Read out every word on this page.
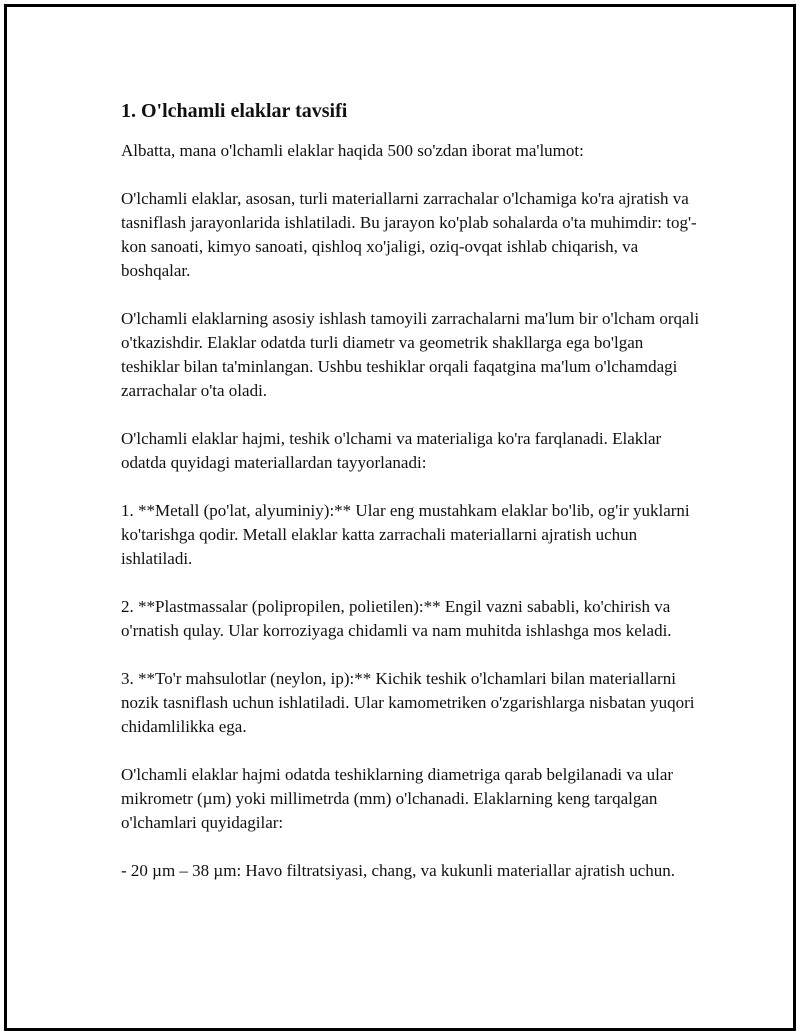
1. O'lchamli elaklar tavsifi

Albatta, mana o'lchamli elaklar haqida 500 so'zdan iborat ma'lumot:

O'lchamli elaklar, asosan, turli materiallarni zarrachalar o'lchamiga ko'ra ajratish va tasniflash jarayonlarida ishlatiladi. Bu jarayon ko'plab sohalarda o'ta muhimdir: tog'-kon sanoati, kimyo sanoati, qishloq xo'jaligi, oziq-ovqat ishlab chiqarish, va boshqalar.

O'lchamli elaklarning asosiy ishlash tamoyili zarrachalarni ma'lum bir o'lcham orqali o'tkazishdir. Elaklar odatda turli diametr va geometrik shakllarga ega bo'lgan teshiklar bilan ta'minlangan. Ushbu teshiklar orqali faqatgina ma'lum o'lchamdagi zarrachalar o'ta oladi.

O'lchamli elaklar hajmi, teshik o'lchami va materialiga ko'ra farqlanadi. Elaklar odatda quyidagi materiallardan tayyorlanadi:

1. **Metall (po'lat, alyuminiy):** Ular eng mustahkam elaklar bo'lib, og'ir yuklarni ko'tarishga qodir. Metall elaklar katta zarrachali materiallarni ajratish uchun ishlatiladi.

2. **Plastmassalar (polipropilen, polietilen):** Engil vazni sababli, ko'chirish va o'rnatish qulay. Ular korroziyaga chidamli va nam muhitda ishlashga mos keladi.

3. **To'r mahsulotlar (neylon, ip):** Kichik teshik o'lchamlari bilan materiallarni nozik tasniflash uchun ishlatiladi. Ular kamometriken o'zgarishlarga nisbatan yuqori chidamlilikka ega.

O'lchamli elaklar hajmi odatda teshiklarning diametriga qarab belgilanadi va ular mikrometr (µm) yoki millimetrda (mm) o'lchanadi. Elaklarning keng tarqalgan o'lchamlari quyidagilar:

- 20 µm – 38 µm: Havo filtratsiyasi, chang, va kukunli materiallar ajratish uchun.
